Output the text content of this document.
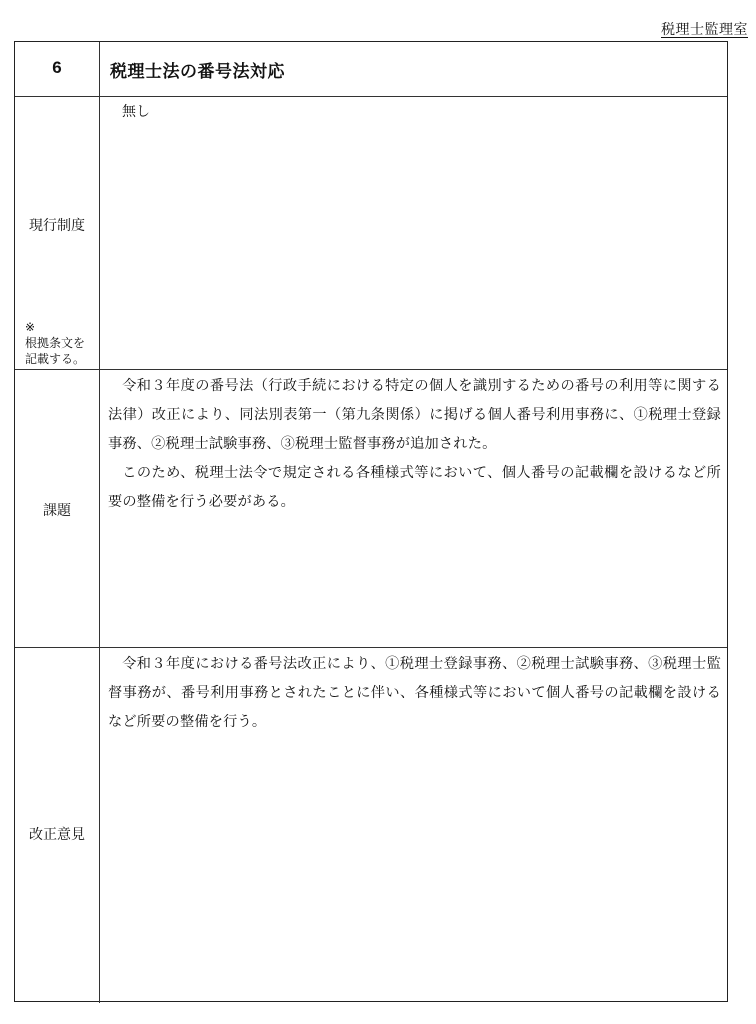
税理士監理室
6	税理士法の番号法対応
現行制度
※
根拠条文を
記載する。
無し
課題

令和３年度の番号法（行政手続における特定の個人を識別するための番号の利用等に関する法律）改正により、同法別表第一（第九条関係）に掲げる個人番号利用事務に、①税理士登録事務、②税理士試験事務、③税理士監督事務が追加された。

このため、税理士法令で規定される各種様式等において、個人番号の記載欄を設けるなど所要の整備を行う必要がある。

改正意見

令和３年度における番号法改正により、①税理士登録事務、②税理士試験事務、③税理士監督事務が、番号利用事務とされたことに伴い、各種様式等において個人番号の記載欄を設けるなど所要の整備を行う。
